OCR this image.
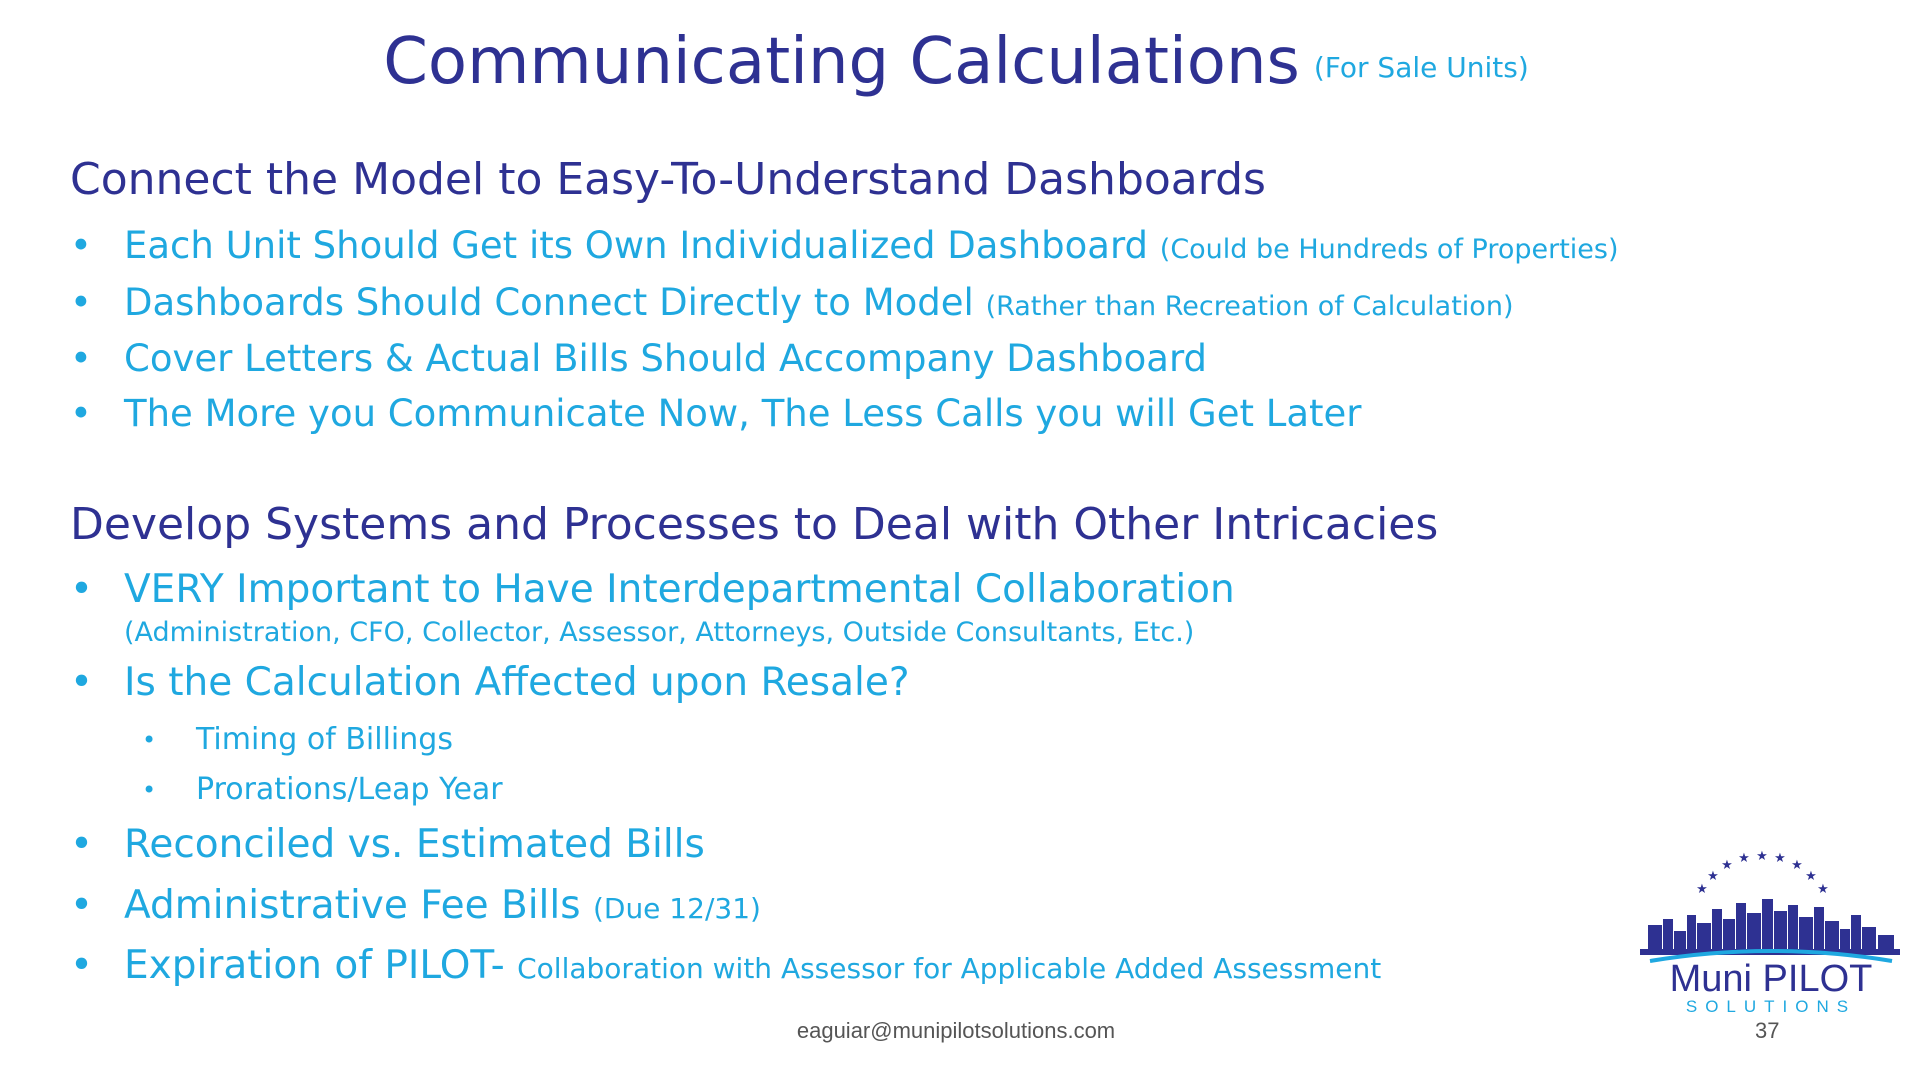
Communicating Calculations $^{(For Sale Units)}$
Connect the Model to Easy-To-Understand Dashboards
• Each Unit Should Get its Own Individualized Dashboard (Could be Hundreds of Properties)
• Dashboards Should Connect Directly to Model (Rather than Recreation of Calculation)
• Cover Letters & Actual Bills Should Accompany Dashboard
• The More you Communicate Now, The Less Calls you will Get Later
Develop Systems and Processes to Deal with Other Intricacies
• VERY Important to Have Interdepartmental Collaboration
(Administration, CFO, Collector, Assessor, Attorneys, Outside Consultants, Etc.)
• Is the Calculation Affected upon Resale?
• Timing of Billings
• Prorations/Leap Year
• Reconciled vs. Estimated Bills
• Administrative Fee Bills (Due 12/31)
• Expiration of PILOT- Collaboration with Assessor for Applicable Added Assessment
★ ★
★	★
★
★
★
★
★
Muni PILOT
SOLUTIONS
eaguiar@munipilotsolutions.com	37
